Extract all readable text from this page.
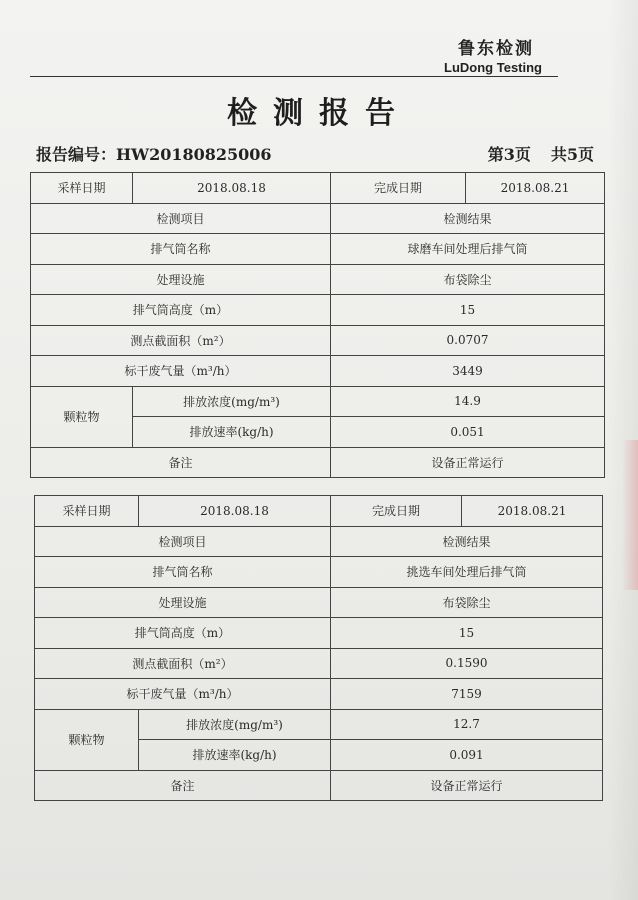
鲁东检测
LuDong Testing
检测报告
报告编号：HW20180825006	第3页 共5页
采样日期	2018.08.18	完成日期	2018.08.21
检测项目		检测结果	
排气筒名称		球磨车间处理后排气筒	
处理设施		布袋除尘	
排气筒高度（m）		15	
测点截面积（m²）		0.0707	
标干废气量（m³/h）		3449	
颗粒物	排放浓度(mg/m³)	14.9	
	排放速率(kg/h)	0.051	
备注		设备正常运行	
采样日期	2018.08.18	完成日期	2018.08.21
检测项目		检测结果	
排气筒名称		挑选车间处理后排气筒	
处理设施		布袋除尘	
排气筒高度（m）		15	
测点截面积（m²）		0.1590	
标干废气量（m³/h）		7159	
颗粒物	排放浓度(mg/m³)	12.7	
	排放速率(kg/h)	0.091	
备注		设备正常运行	
